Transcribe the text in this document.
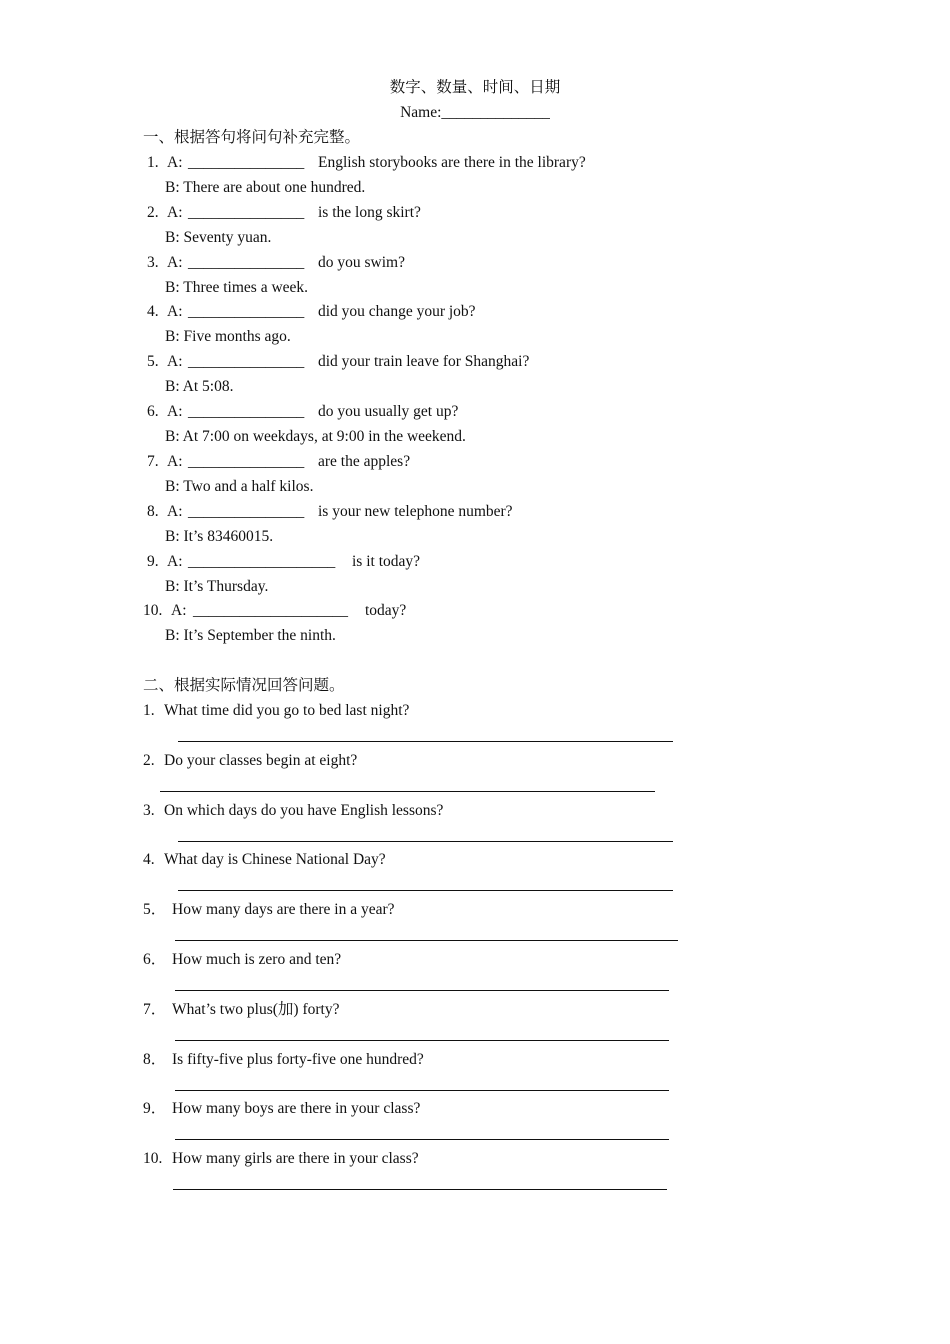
数字、数量、时间、日期
Name:______________
一、根据答句将问句补充完整。
1. A: _______________ English storybooks are there in the library?
B: There are about one hundred.
2. A: _______________ is the long skirt?
B: Seventy yuan.
3. A: _______________ do you swim?
B: Three times a week.
4. A: _______________ did you change your job?
B: Five months ago.
5. A: _______________ did your train leave for Shanghai?
B: At 5:08.
6. A: _______________ do you usually get up?
B: At 7:00 on weekdays, at 9:00 in the weekend.
7. A: _______________ are the apples?
B: Two and a half kilos.
8. A: _______________ is your new telephone number?
B: It’s 83460015.
9. A: ___________________ is it today?
B: It’s Thursday.
10. A: ____________________ today?
B: It’s September the ninth.
二、根据实际情况回答问题。
1. What time did you go to bed last night?
2. Do your classes begin at eight?
3. On which days do you have English lessons?
4. What day is Chinese National Day?
5． How many days are there in a year?
6． How much is zero and ten?
7． What’s two plus(加) forty?
8． Is fifty-five plus forty-five one hundred?
9． How many boys are there in your class?
10. How many girls are there in your class?
